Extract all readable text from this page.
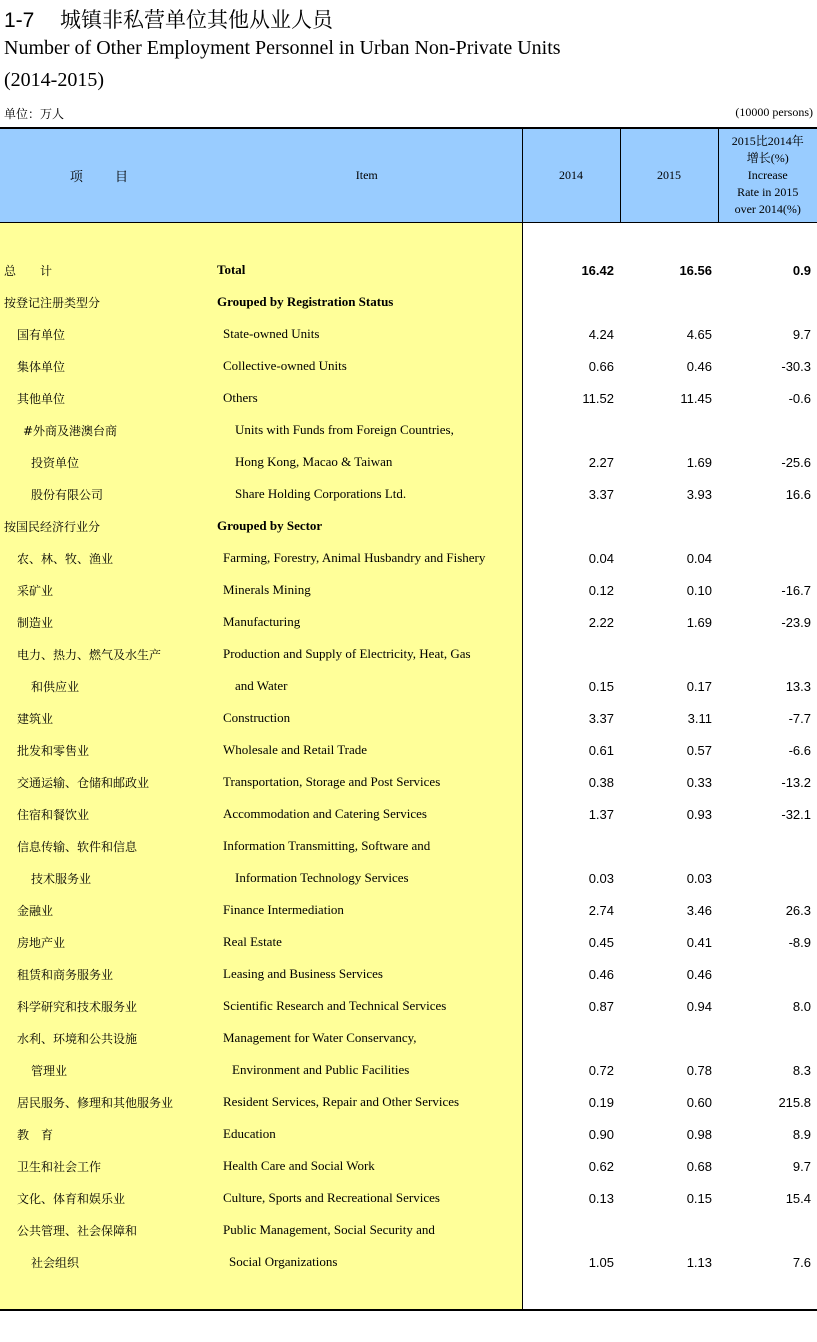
1-7 城镇非私营单位其他从业人员
Number of Other Employment Personnel in Urban Non-Private Units
(2014-2015)
单位：万人	(10000 persons)
项 目	Item	2014	2015	2015比2014年
增长(%)
Increase
Rate in 2015
over 2014(%)

总　　计	Total	16.42	16.56	0.9
按登记注册类型分	Grouped by Registration Status			
国有单位	State-owned Units	4.24	4.65	9.7
集体单位	Collective-owned Units	0.66	0.46	-30.3
其他单位	Others	11.52	11.45	-0.6
#外商及港澳台商	Units with Funds from Foreign Countries,			
投资单位	Hong Kong, Macao & Taiwan	2.27	1.69	-25.6
股份有限公司	Share Holding Corporations Ltd.	3.37	3.93	16.6
按国民经济行业分	Grouped by Sector			
农、林、牧、渔业	Farming, Forestry, Animal Husbandry and Fishery	0.04	0.04	
采矿业	Minerals Mining	0.12	0.10	-16.7
制造业	Manufacturing	2.22	1.69	-23.9
电力、热力、燃气及水生产	Production and Supply of Electricity, Heat, Gas			
和供应业	and Water	0.15	0.17	13.3
建筑业	Construction	3.37	3.11	-7.7
批发和零售业	Wholesale and Retail Trade	0.61	0.57	-6.6
交通运输、仓储和邮政业	Transportation, Storage and Post Services	0.38	0.33	-13.2
住宿和餐饮业	Accommodation and Catering Services	1.37	0.93	-32.1
信息传输、软件和信息	Information Transmitting, Software and			
技术服务业	Information Technology Services	0.03	0.03	
金融业	Finance Intermediation	2.74	3.46	26.3
房地产业	Real Estate	0.45	0.41	-8.9
租赁和商务服务业	Leasing and Business Services	0.46	0.46	
科学研究和技术服务业	Scientific Research and Technical Services	0.87	0.94	8.0
水利、环境和公共设施	Management for Water Conservancy,			
管理业	Environment and Public Facilities	0.72	0.78	8.3
居民服务、修理和其他服务业	Resident Services, Repair and Other Services	0.19	0.60	215.8
教　育	Education	0.90	0.98	8.9
卫生和社会工作	Health Care and Social Work	0.62	0.68	9.7
文化、体育和娱乐业	Culture, Sports and Recreational Services	0.13	0.15	15.4
公共管理、社会保障和	Public Management, Social Security and			
社会组织	Social Organizations	1.05	1.13	7.6
